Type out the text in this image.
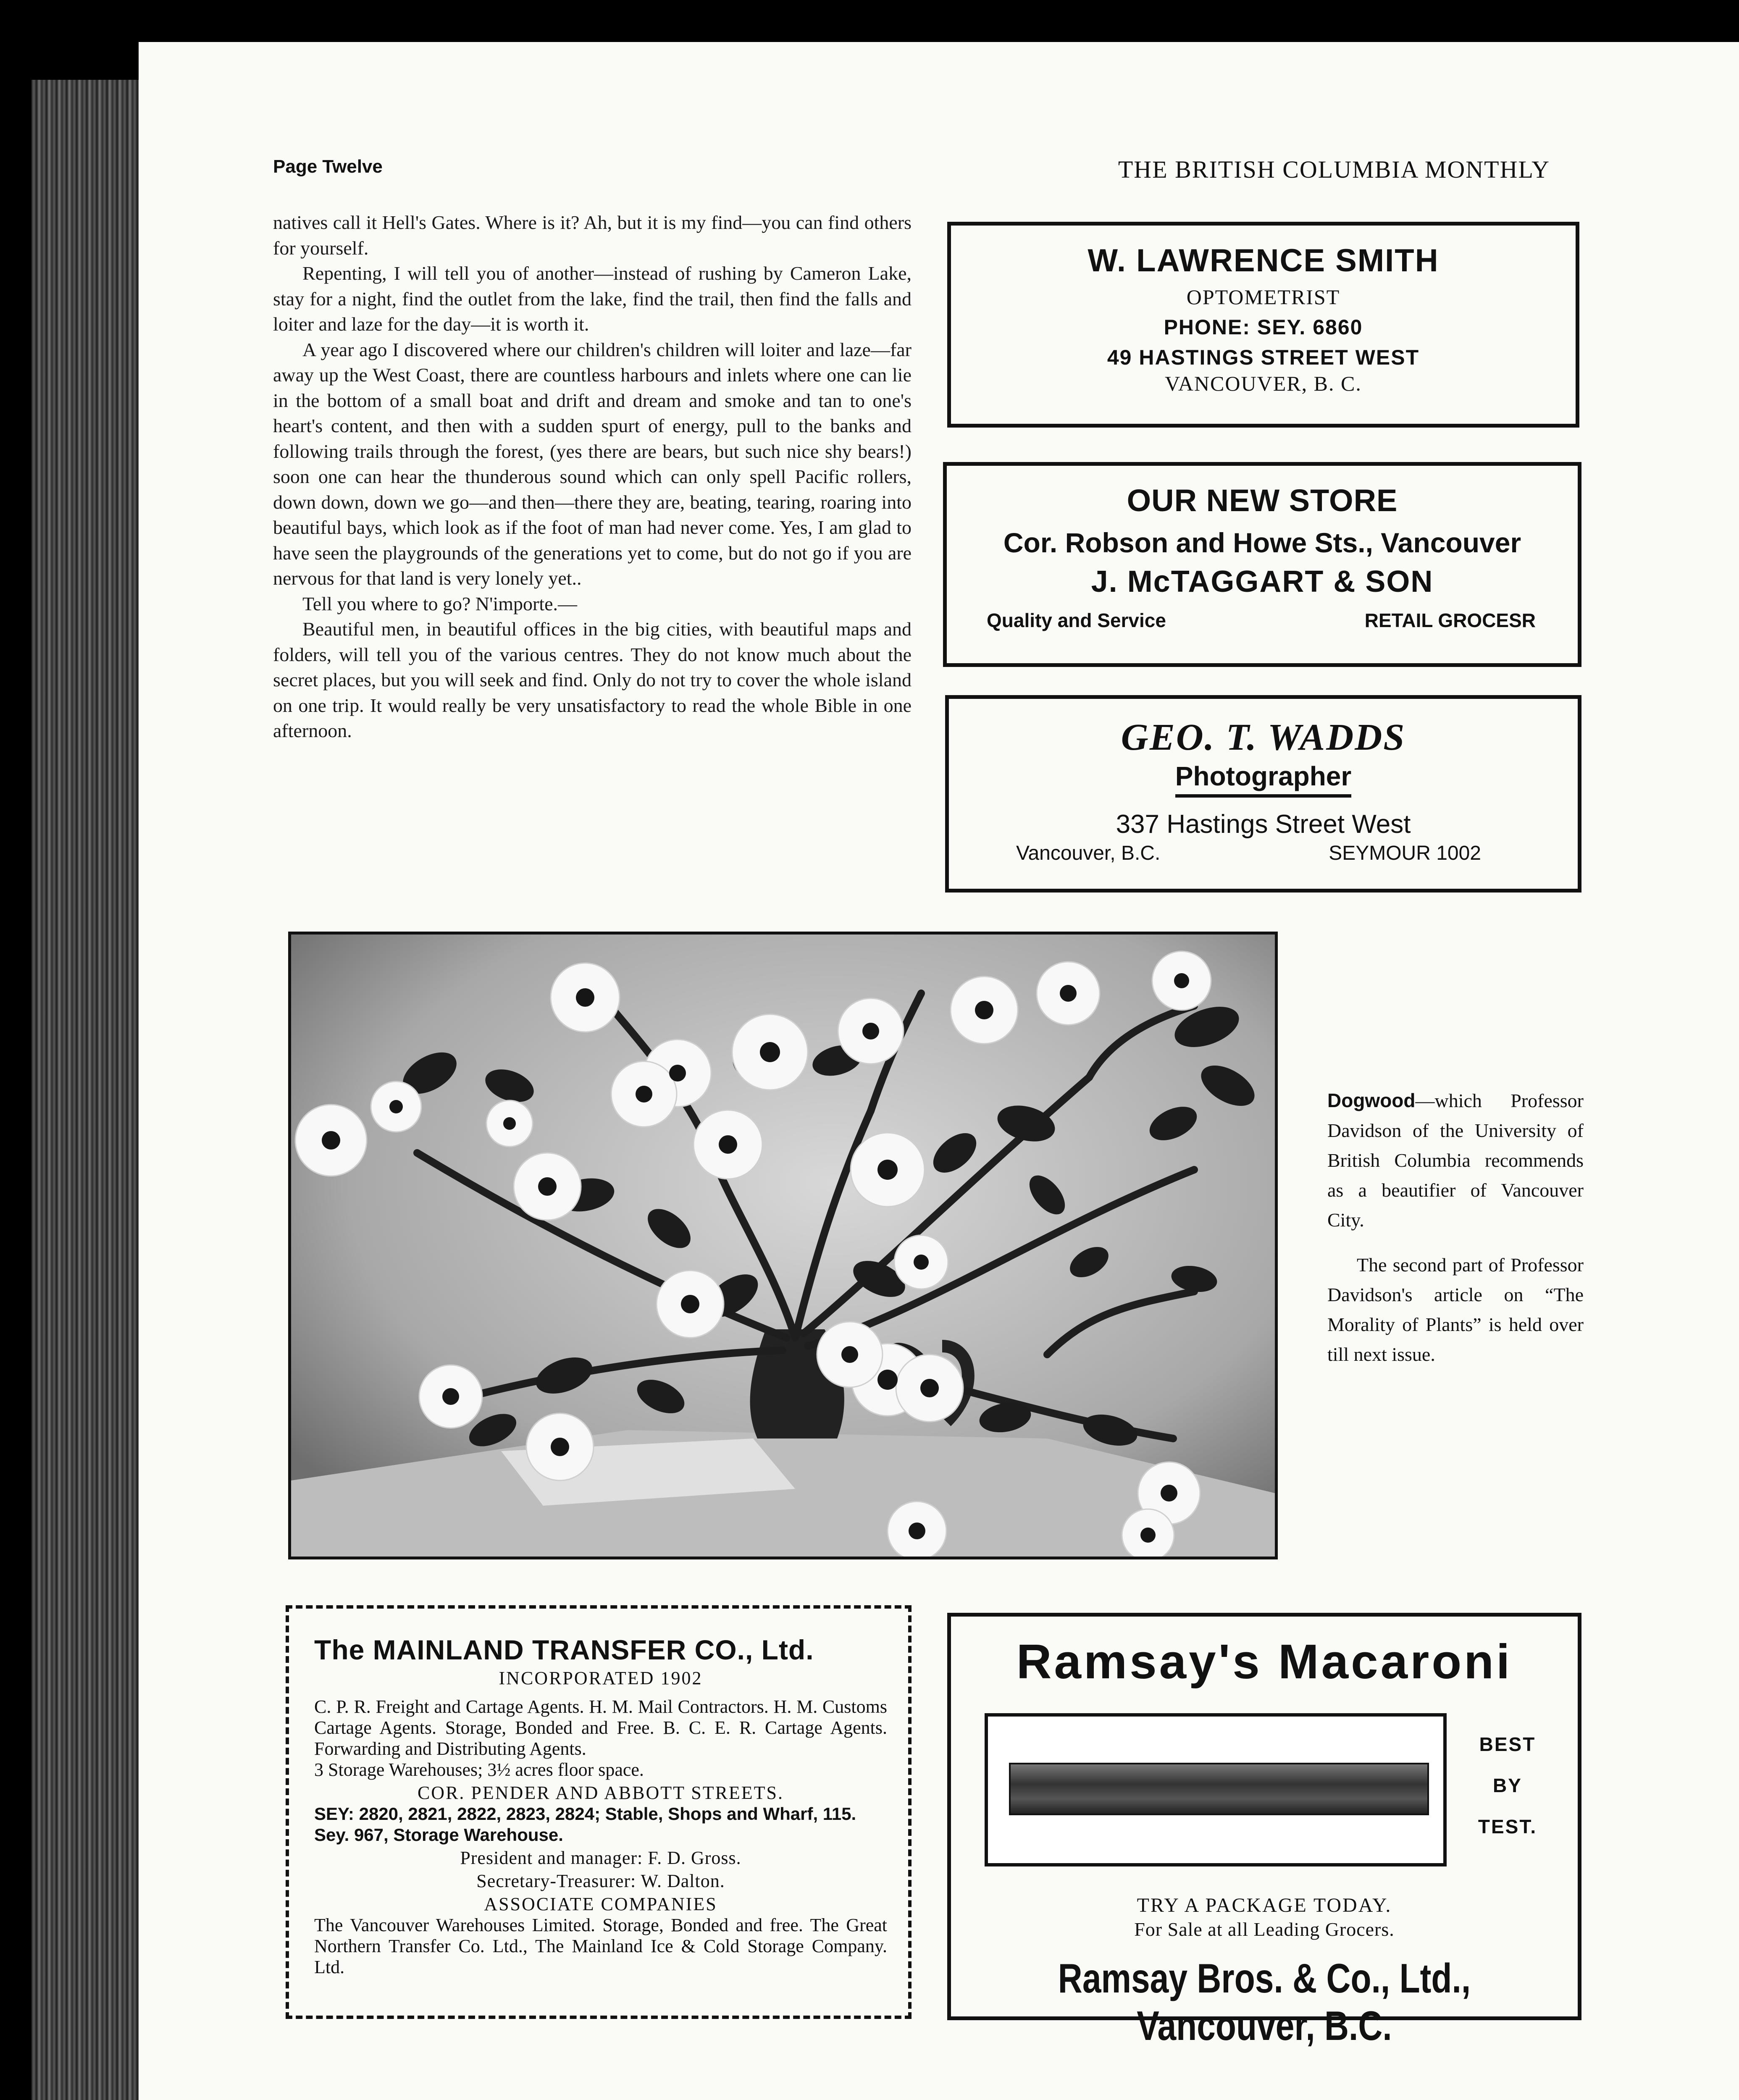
Page Twelve	THE BRITISH COLUMBIA MONTHLY

natives call it Hell's Gates. Where is it? Ah, but it is my find—you can find others for yourself.

Repenting, I will tell you of another—instead of rushing by Cameron Lake, stay for a night, find the outlet from the lake, find the trail, then find the falls and loiter and laze for the day—it is worth it.

A year ago I discovered where our children's children will loiter and laze—far away up the West Coast, there are countless harbours and inlets where one can lie in the bottom of a small boat and drift and dream and smoke and tan to one's heart's content, and then with a sudden spurt of energy, pull to the banks and following trails through the forest, (yes there are bears, but such nice shy bears!) soon one can hear the thunderous sound which can only spell Pacific rollers, down down, down we go—and then—there they are, beating, tearing, roaring into beautiful bays, which look as if the foot of man had never come. Yes, I am glad to have seen the playgrounds of the generations yet to come, but do not go if you are nervous for that land is very lonely yet..

Tell you where to go? N'importe.—

Beautiful men, in beautiful offices in the big cities, with beautiful maps and folders, will tell you of the various centres. They do not know much about the secret places, but you will seek and find. Only do not try to cover the whole island on one trip. It would really be very unsatisfactory to read the whole Bible in one afternoon.

W. LAWRENCE SMITH
OPTOMETRIST
PHONE: SEY. 6860
49 HASTINGS STREET WEST
VANCOUVER, B. C.
OUR NEW STORE
Cor. Robson and Howe Sts., Vancouver
J. McTAGGART & SON
Quality and Service	RETAIL GROCESR
GEO. T. WADDS
Photographer
337 Hastings Street West
Vancouver, B.C.	SEYMOUR 1002

Dogwood—which Professor Davidson of the University of British Columbia recommends as a beautifier of Vancouver City.

The second part of Professor Davidson's article on “The Morality of Plants” is held over till next issue.

The MAINLAND TRANSFER CO., Ltd.
INCORPORATED 1902
C. P. R. Freight and Cartage Agents. H. M. Mail Contractors. H. M. Customs Cartage Agents. Storage, Bonded and Free. B. C. E. R. Cartage Agents. Forwarding and Distributing Agents.
3 Storage Warehouses; 3½ acres floor space.
COR. PENDER AND ABBOTT STREETS.
SEY: 2820, 2821, 2822, 2823, 2824; Stable, Shops and Wharf, 115. Sey. 967, Storage Warehouse.
President and manager: F. D. Gross.
Secretary-Treasurer: W. Dalton.
ASSOCIATE COMPANIES
The Vancouver Warehouses Limited. Storage, Bonded and free. The Great Northern Transfer Co. Ltd., The Mainland Ice & Cold Storage Company. Ltd.
Ramsay's Macaroni
BEST
BY
TEST.
TRY A PACKAGE TODAY.
For Sale at all Leading Grocers.
Ramsay Bros. & Co., Ltd., Vancouver, B.C.
